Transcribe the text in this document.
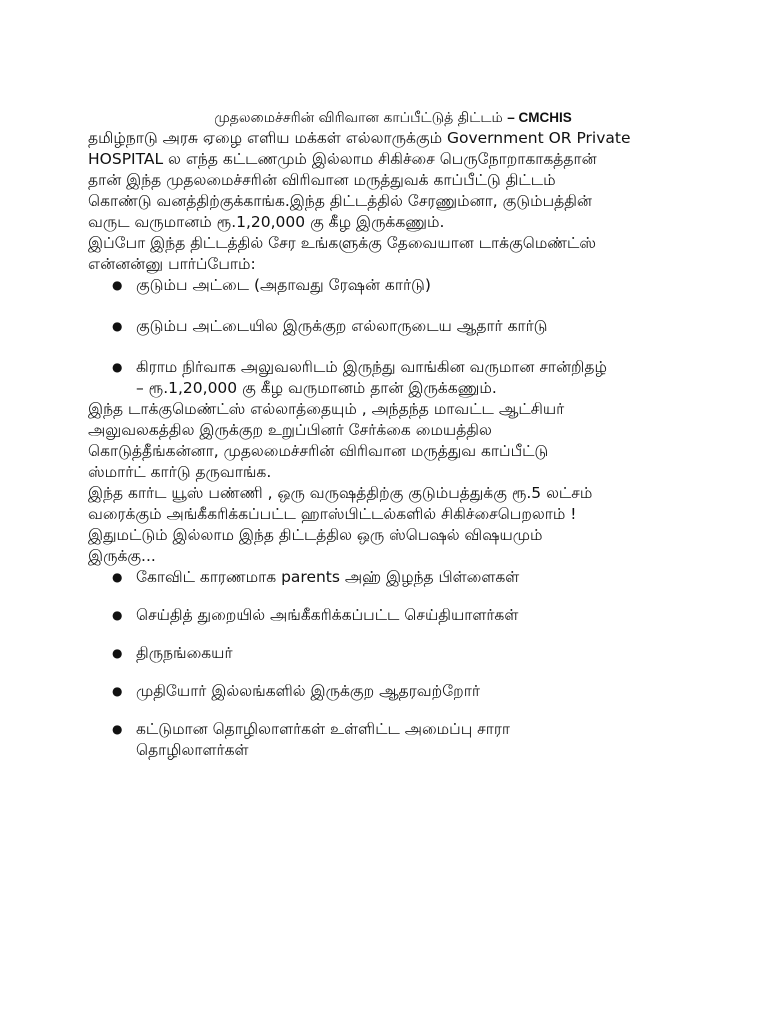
முதலமைச்சரின் விரிவான காப்பீட்டுத் திட்டம் – CMCHIS

தமிழ்நாடு அரசு ஏழை எளிய மக்கள் எல்லாருக்கும் Government OR Private
HOSPITAL ல எந்த கட்டணமும் இல்லாம சிகிச்சை பெருநோறாகாகத்தான்
தான் இந்த முதலமைச்சரின் விரிவான மருத்துவக் காப்பீட்டு திட்டம்
கொண்டு வனத்திற்குக்காங்க.இந்த திட்டத்தில் சேரணும்னா, குடும்பத்தின்
வருட வருமானம் ரூ.1,20,000 கு கீழ இருக்கணும்.

இப்போ இந்த திட்டத்தில் சேர உங்களுக்கு தேவையான டாக்குமெண்ட்ஸ்
என்னன்னு பார்ப்போம்:

● குடும்ப அட்டை (அதாவது ரேஷன் கார்டு)
● குடும்ப அட்டையில இருக்குற எல்லாருடைய ஆதார் கார்டு
● கிராம நிர்வாக அலுவலரிடம் இருந்து வாங்கின வருமான சான்றிதழ்
– ரூ.1,20,000 கு கீழ வருமானம் தான் இருக்கணும்.

இந்த டாக்குமெண்ட்ஸ் எல்லாத்தையும் , அந்தந்த மாவட்ட ஆட்சியர்
அலுவலகத்தில இருக்குற உறுப்பினர் சேர்க்கை மையத்தில
கொடுத்தீங்கன்னா, முதலமைச்சரின் விரிவான மருத்துவ காப்பீட்டு
ஸ்மார்ட் கார்டு தருவாங்க.

இந்த கார்ட யூஸ் பண்ணி , ஒரு வருஷத்திற்கு குடும்பத்துக்கு ரூ.5 லட்சம்
வரைக்கும் அங்கீகரிக்கப்பட்ட ஹாஸ்பிட்டல்களில் சிகிச்சைபெறலாம் !

இதுமட்டும் இல்லாம இந்த திட்டத்தில ஒரு ஸ்பெஷல் விஷயமும்
இருக்கு...

● கோவிட் காரணமாக parents அஹ் இழந்த பிள்ளைகள்
● செய்தித் துறையில் அங்கீகரிக்கப்பட்ட செய்தியாளர்கள்
● திருநங்கையர்
● முதியோர் இல்லங்களில் இருக்குற ஆதரவற்றோர்
● கட்டுமான தொழிலாளர்கள் உள்ளிட்ட அமைப்பு சாரா
தொழிலாளர்கள்
